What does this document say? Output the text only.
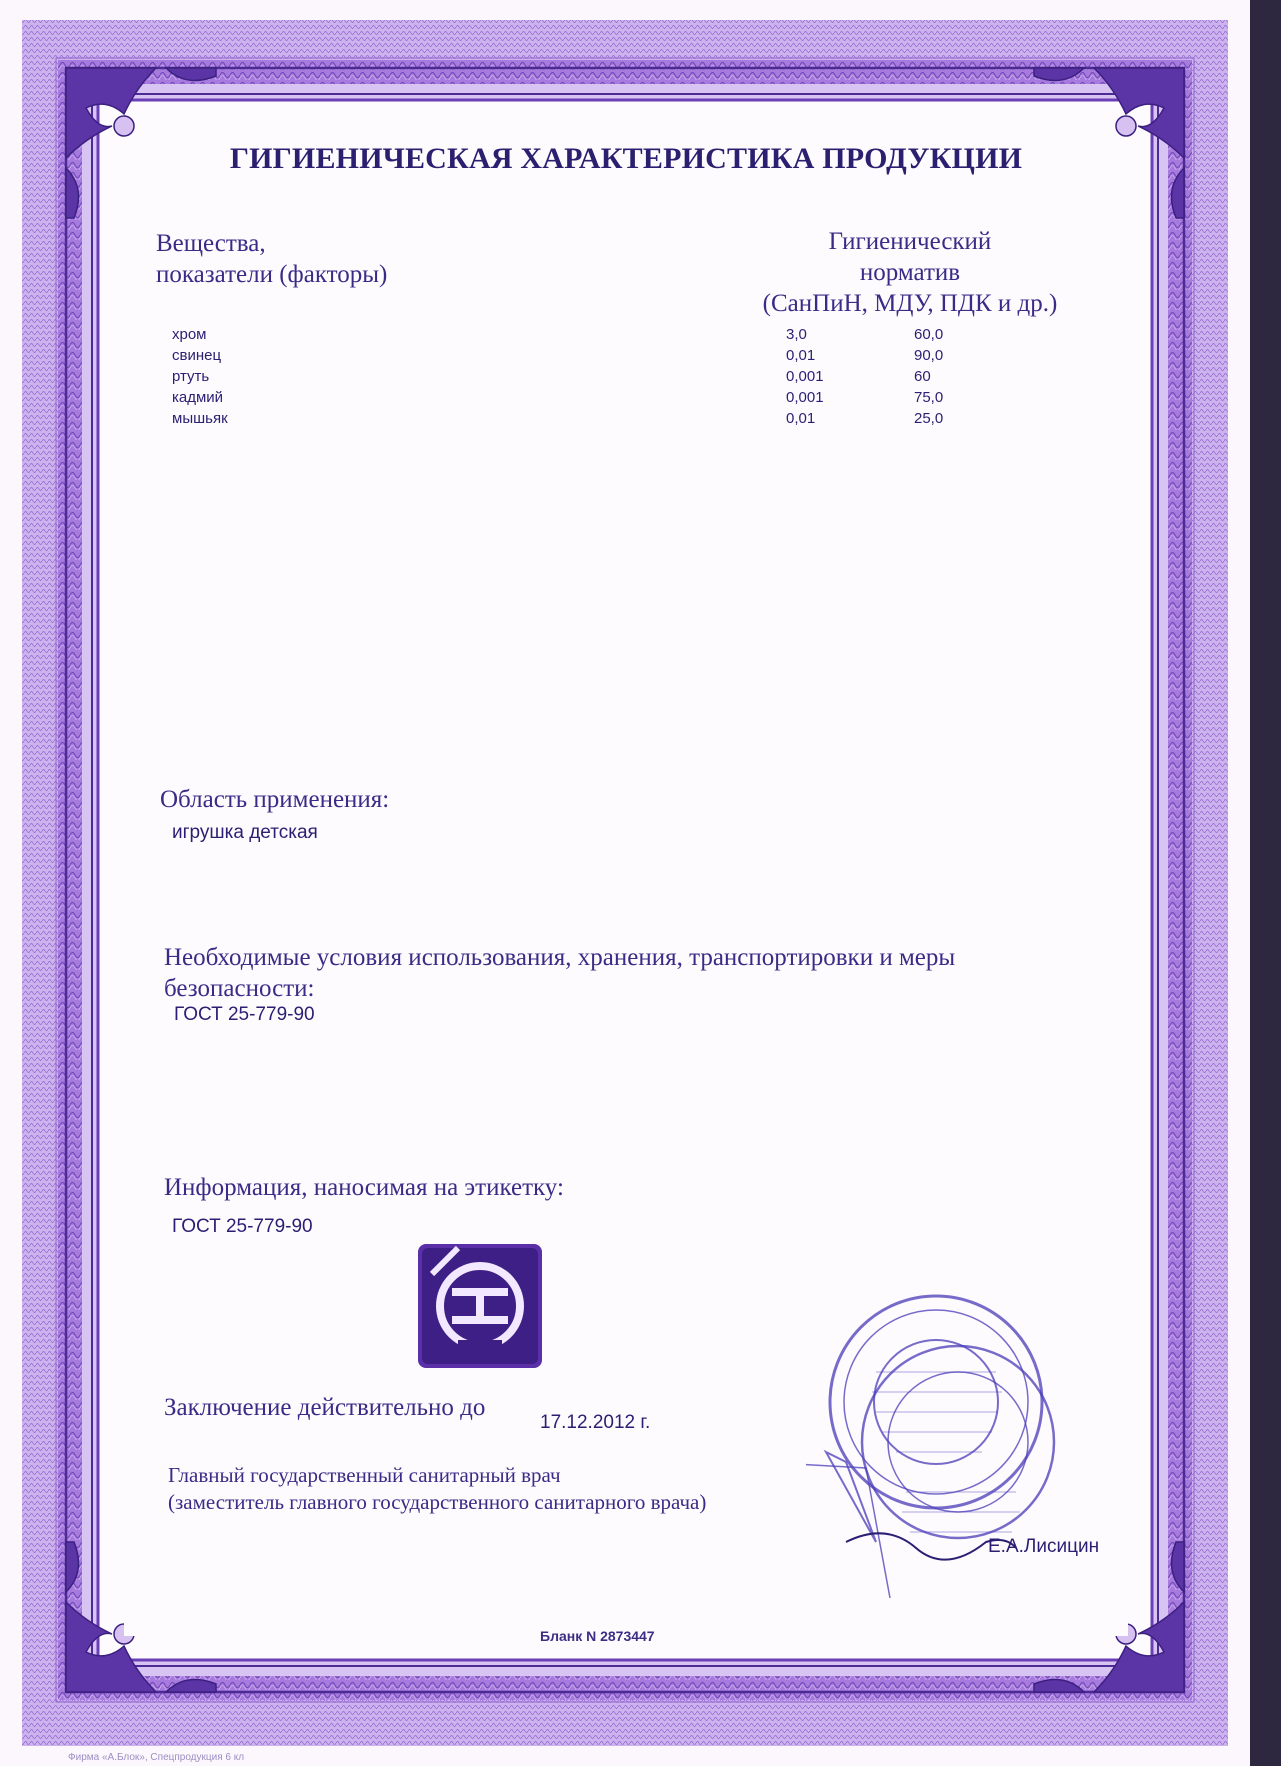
ГИГИЕНИЧЕСКАЯ ХАРАКТЕРИСТИКА ПРОДУКЦИИ
Вещества,
показатели (факторы)
Гигиенический
норматив
(СанПиН, МДУ, ПДК и др.)
хром	3,0	60,0
свинец	0,01	90,0
ртуть	0,001	60
кадмий	0,001	75,0
мышьяк	0,01	25,0
Область применения:
игрушка детская
Необходимые условия использования, хранения, транспортировки и меры
безопасности:
ГОСТ 25-779-90
Информация, наносимая на этикетку:
ГОСТ 25-779-90
Заключение действительно до
17.12.2012 г.
Главный государственный санитарный врач
(заместитель главного государственного санитарного врача)
Е.А.Лисицин
Бланк N 2873447
Фирма «А.Блок», Спецпродукция 6 кл
